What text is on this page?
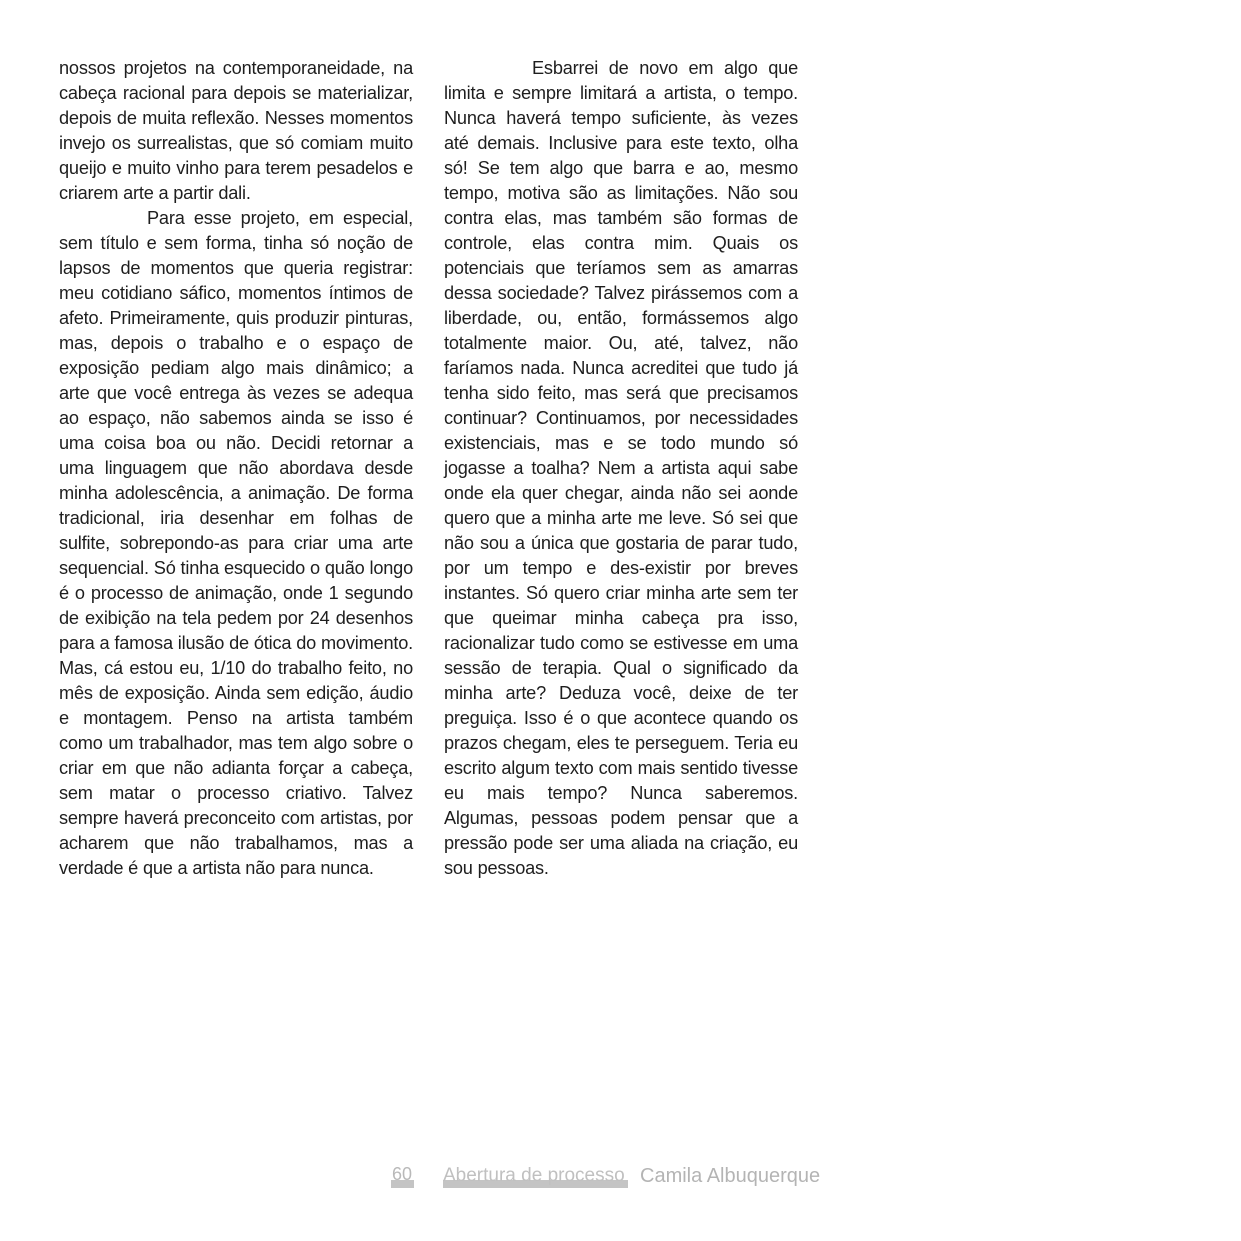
nossos projetos na contemporaneidade, na cabeça racional para depois se materializar, depois de muita reflexão. Nesses momentos invejo os surrealistas, que só comiam muito queijo e muito vinho para terem pesadelos e criarem arte a partir dali.

Para esse projeto, em especial, sem título e sem forma, tinha só noção de lapsos de momentos que queria registrar: meu cotidiano sáfico, momentos íntimos de afeto. Primeiramente, quis produzir pinturas, mas, depois o trabalho e o espaço de exposição pediam algo mais dinâmico; a arte que você entrega às vezes se adequa ao espaço, não sabemos ainda se isso é uma coisa boa ou não. Decidi retornar a uma linguagem que não abordava desde minha adolescência, a animação. De forma tradicional, iria desenhar em folhas de sulfite, sobrepondo-as para criar uma arte sequencial. Só tinha esquecido o quão longo é o processo de animação, onde 1 segundo de exibição na tela pedem por 24 desenhos para a famosa ilusão de ótica do movimento. Mas, cá estou eu, 1/10 do trabalho feito, no mês de exposição. Ainda sem edição, áudio e montagem. Penso na artista também como um trabalhador, mas tem algo sobre o criar em que não adianta forçar a cabeça, sem matar o processo criativo. Talvez sempre haverá preconceito com artistas, por acharem que não trabalhamos, mas a verdade é que a artista não para nunca.

Esbarrei de novo em algo que limita e sempre limitará a artista, o tempo. Nunca haverá tempo suficiente, às vezes até demais. Inclusive para este texto, olha só! Se tem algo que barra e ao, mesmo tempo, motiva são as limitações. Não sou contra elas, mas também são formas de controle, elas contra mim. Quais os potenciais que teríamos sem as amarras dessa sociedade? Talvez pirássemos com a liberdade, ou, então, formássemos algo totalmente maior. Ou, até, talvez, não faríamos nada. Nunca acreditei que tudo já tenha sido feito, mas será que precisamos continuar? Continuamos, por necessidades existenciais, mas e se todo mundo só jogasse a toalha? Nem a artista aqui sabe onde ela quer chegar, ainda não sei aonde quero que a minha arte me leve. Só sei que não sou a única que gostaria de parar tudo, por um tempo e des-existir por breves instantes. Só quero criar minha arte sem ter que queimar minha cabeça pra isso, racionalizar tudo como se estivesse em uma sessão de terapia. Qual o significado da minha arte? Deduza você, deixe de ter preguiça. Isso é o que acontece quando os prazos chegam, eles te perseguem. Teria eu escrito algum texto com mais sentido tivesse eu mais tempo? Nunca saberemos. Algumas, pessoas podem pensar que a pressão pode ser uma aliada na criação, eu sou pessoas.

60 Abertura de processo Camila Albuquerque
